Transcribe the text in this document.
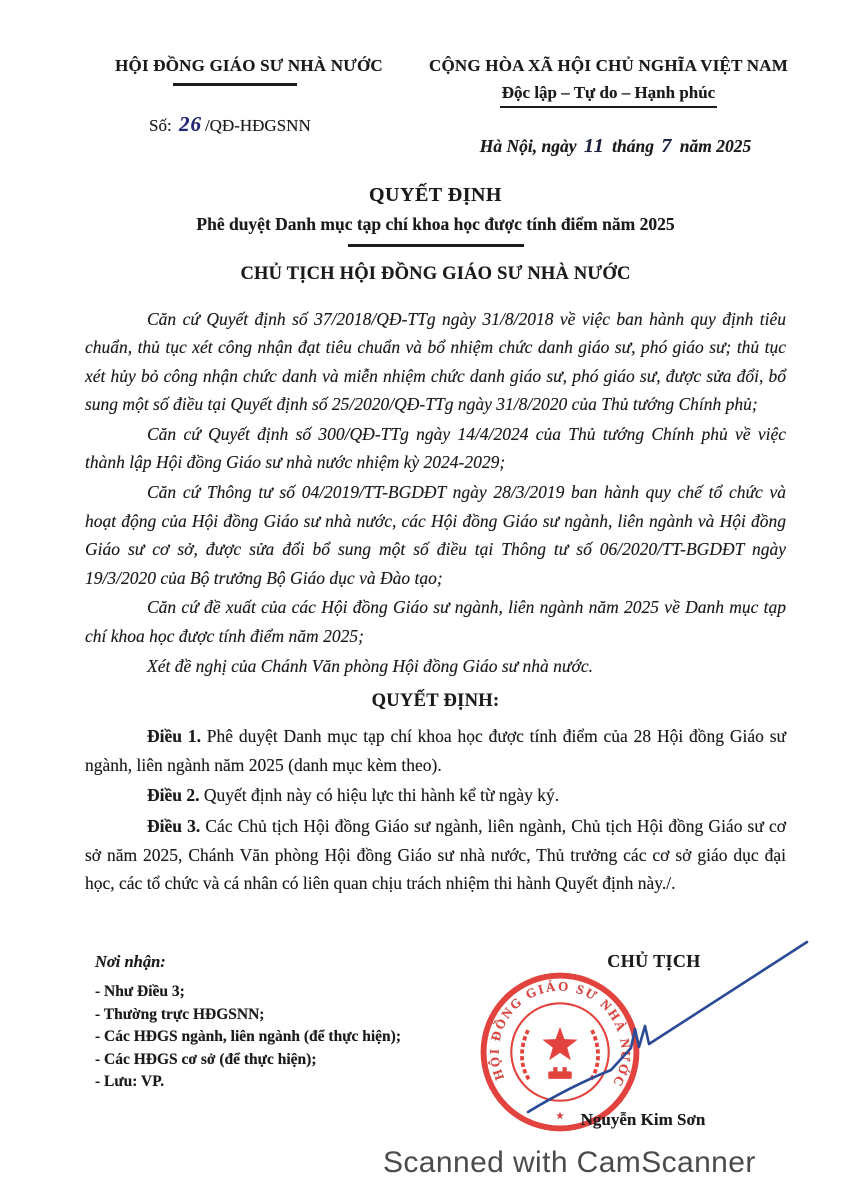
HỘI ĐỒNG GIÁO SƯ NHÀ NƯỚC
Số: 26 /QĐ-HĐGSNN
CỘNG HÒA XÃ HỘI CHỦ NGHĨA VIỆT NAM
Độc lập – Tự do – Hạnh phúc
Hà Nội, ngày 11 tháng 7 năm 2025
QUYẾT ĐỊNH
Phê duyệt Danh mục tạp chí khoa học được tính điểm năm 2025
CHỦ TỊCH HỘI ĐỒNG GIÁO SƯ NHÀ NƯỚC

Căn cứ Quyết định số 37/2018/QĐ-TTg ngày 31/8/2018 về việc ban hành quy định tiêu chuẩn, thủ tục xét công nhận đạt tiêu chuẩn và bổ nhiệm chức danh giáo sư, phó giáo sư; thủ tục xét hủy bỏ công nhận chức danh và miễn nhiệm chức danh giáo sư, phó giáo sư, được sửa đổi, bổ sung một số điều tại Quyết định số 25/2020/QĐ-TTg ngày 31/8/2020 của Thủ tướng Chính phủ;

Căn cứ Quyết định số 300/QĐ-TTg ngày 14/4/2024 của Thủ tướng Chính phủ về việc thành lập Hội đồng Giáo sư nhà nước nhiệm kỳ 2024-2029;

Căn cứ Thông tư số 04/2019/TT-BGDĐT ngày 28/3/2019 ban hành quy chế tổ chức và hoạt động của Hội đồng Giáo sư nhà nước, các Hội đồng Giáo sư ngành, liên ngành và Hội đồng Giáo sư cơ sở, được sửa đổi bổ sung một số điều tại Thông tư số 06/2020/TT-BGDĐT ngày 19/3/2020 của Bộ trưởng Bộ Giáo dục và Đào tạo;

Căn cứ đề xuất của các Hội đồng Giáo sư ngành, liên ngành năm 2025 về Danh mục tạp chí khoa học được tính điểm năm 2025;

Xét đề nghị của Chánh Văn phòng Hội đồng Giáo sư nhà nước.

QUYẾT ĐỊNH:

Điều 1. Phê duyệt Danh mục tạp chí khoa học được tính điểm của 28 Hội đồng Giáo sư ngành, liên ngành năm 2025 (danh mục kèm theo).

Điều 2. Quyết định này có hiệu lực thi hành kể từ ngày ký.

Điều 3. Các Chủ tịch Hội đồng Giáo sư ngành, liên ngành, Chủ tịch Hội đồng Giáo sư cơ sở năm 2025, Chánh Văn phòng Hội đồng Giáo sư nhà nước, Thủ trưởng các cơ sở giáo dục đại học, các tổ chức và cá nhân có liên quan chịu trách nhiệm thi hành Quyết định này./.

Nơi nhận:
- Như Điều 3;
- Thường trực HĐGSNN;
- Các HĐGS ngành, liên ngành (để thực hiện);
- Các HĐGS cơ sở (để thực hiện);
- Lưu: VP.
CHỦ TỊCH
HỘI ĐỒNG GIÁO SƯ NHÀ NƯỚC
★ Nguyễn Kim Sơn
Scanned with CamScanner
